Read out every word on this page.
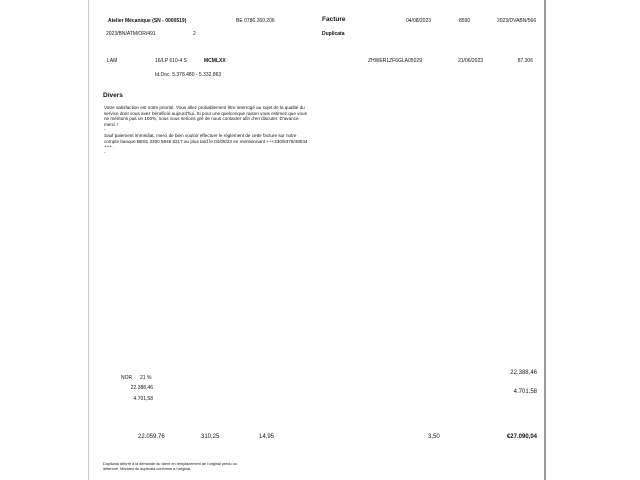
Atelier Mécanique (SN - 0000519)	BE 0786.260.206	Facture	04/08/2023	8590	2023/DVABN/566
2023/BN/ATM/OR/491	2	Duplicata
LAM	16/LP 610-4 S	MCMLXX	ZHWER1ZF6GLA05029	21/06/2023	87.306
Id.Doc. 5.378.480 - 5.332.863
Divers
Votre satisfaction est notre priorité. Vous allez probablement être interrogé au sujet de la qualité du
service dont vous avez bénéficié aujourd'hui. Si pour une quelconque raison vous estimez que vous
ne méritons pas un 100%, nous vous serions gré de nous contacter afin d'en discuter. D'avance
merci !
-
Sauf paiement immédiat, merci de bien vouloir effectuer le règlement de cette facture sur notre
compte banque BE81 3300 5846 8217 au plus tard le 04/08/23 en mentionnant +++230/5378/48044
+++ .
-
22.388,46
4.701,58
NOR 21 %
22.388,46
4.701,58
22.059,76	310,25	14,95	3,50	€27.090,04
Duplicata délivré à la demande du client en remplacement de l'original perdu ou
détérioré. Montant de duplicata conforme à l'original.
